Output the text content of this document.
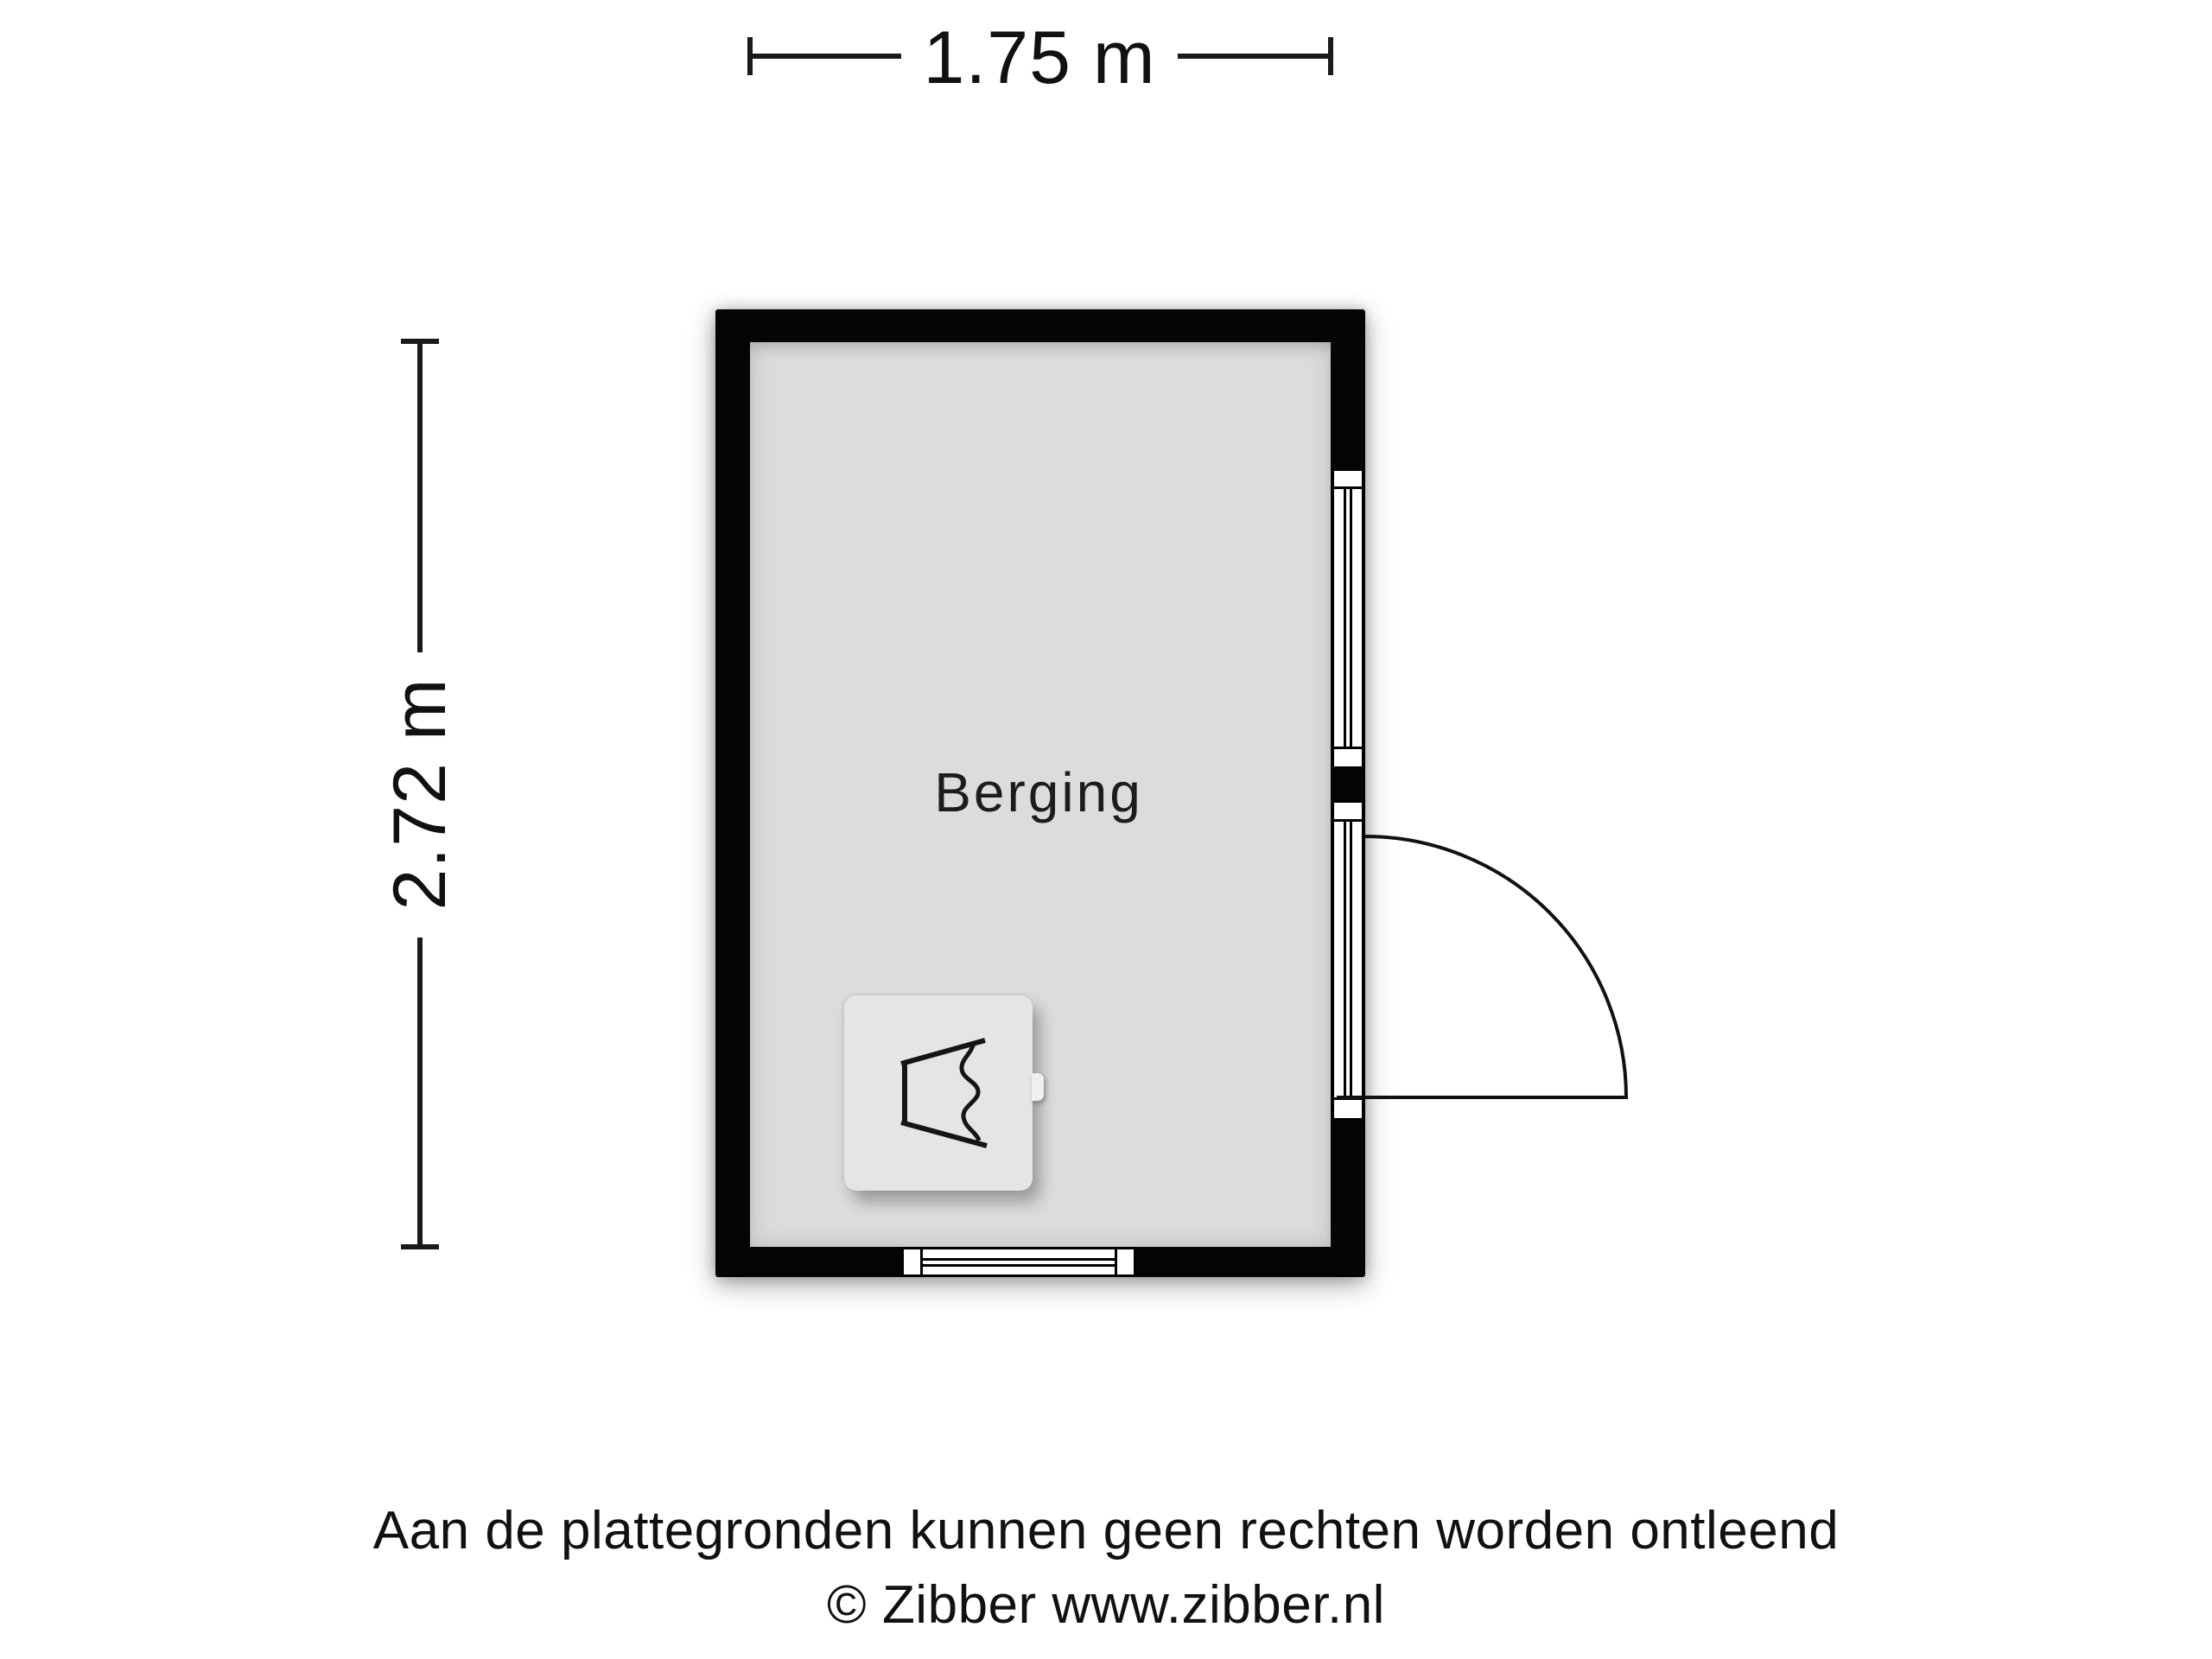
1.75 m
2.72 m	Berging
Aan de plattegronden kunnen geen rechten worden ontleend
© Zibber www.zibber.nl
